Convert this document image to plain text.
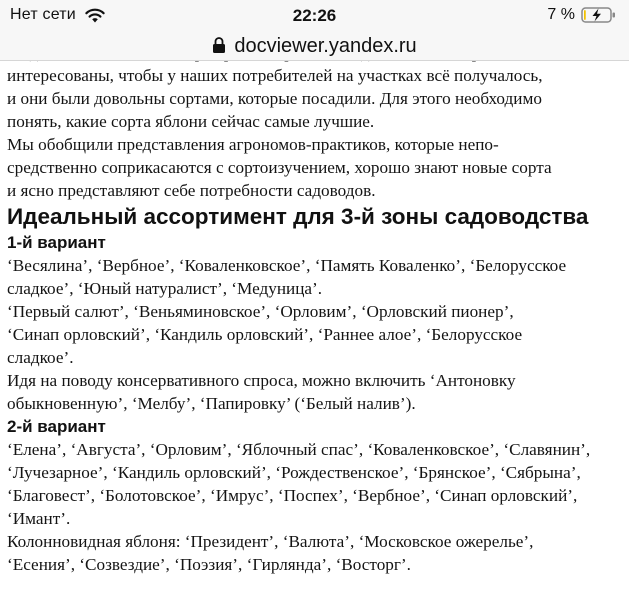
Нет сети	22:26	7 %
docviewer.yandex.ru

интересованы, чтобы у наших потребителей на участках всё получалось,

и они были довольны сортами, которые посадили. Для этого необходимо

понять, какие сорта яблони сейчас самые лучшие.

Мы обобщили представления агрономов-практиков, которые непо-

средственно соприкасаются с сортоизучением, хорошо знают новые сорта

и ясно представляют себе потребности садоводов.

Идеальный ассортимент для 3-й зоны садоводства
1-й вариант

‘Весялина’, ‘Вербное’, ‘Коваленковское’, ‘Память Коваленко’, ‘Белорусское

сладкое’, ‘Юный натуралист’, ‘Медуница’.

‘Первый салют’, ‘Веньяминовское’, ‘Орловим’, ‘Орловский пионер’,

‘Синап орловский’, ‘Кандиль орловский’, ‘Раннее алое’, ‘Белорусское

сладкое’.

Идя на поводу консервативного спроса, можно включить ‘Антоновку

обыкновенную’, ‘Мелбу’, ‘Папировку’ (‘Белый налив’).

2-й вариант

‘Елена’, ‘Августа’, ‘Орловим’, ‘Яблочный спас’, ‘Коваленковское’, ‘Славянин’,

‘Лучезарное’, ‘Кандиль орловский’, ‘Рождественское’, ‘Брянское’, ‘Сябрына’,

‘Благовест’, ‘Болотовское’, ‘Имрус’, ‘Поспех’, ‘Вербное’, ‘Синап орловский’,

‘Имант’.

Колонновидная яблоня: ‘Президент’, ‘Валюта’, ‘Московское ожерелье’,

‘Есения’, ‘Созвездие’, ‘Поэзия’, ‘Гирлянда’, ‘Восторг’.
